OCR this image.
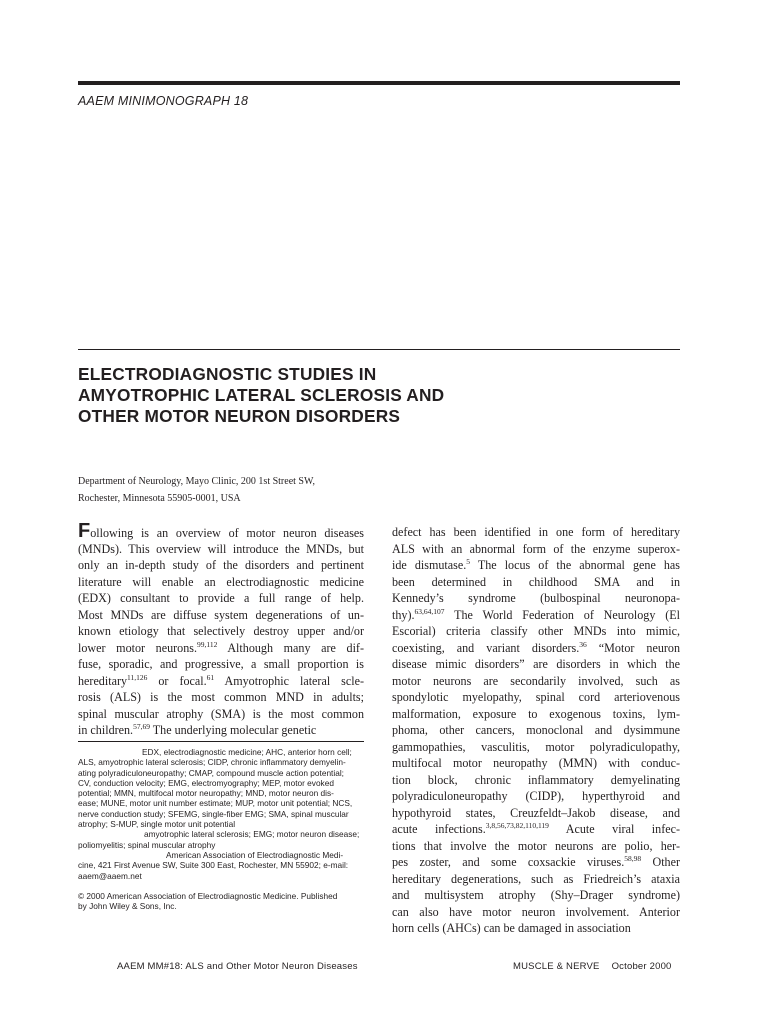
AAEM MINIMONOGRAPH 18
ELECTRODIAGNOSTIC STUDIES IN
AMYOTROPHIC LATERAL SCLEROSIS AND
OTHER MOTOR NEURON DISORDERS
Department of Neurology, Mayo Clinic, 200 1st Street SW,
Rochester, Minnesota 55905-0001, USA
Following is an overview of motor neuron diseases
(MNDs). This overview will introduce the MNDs, but
only an in-depth study of the disorders and pertinent
literature will enable an electrodiagnostic medicine
(EDX) consultant to provide a full range of help.
Most MNDs are diffuse system degenerations of un-
known etiology that selectively destroy upper and/or
lower motor neurons.$^{99,112}$ Although many are dif-
fuse, sporadic, and progressive, a small proportion is
hereditary$^{11,126}$ or focal.$^{61}$ Amyotrophic lateral scle-
rosis (ALS) is the most common MND in adults;
spinal muscular atrophy (SMA) is the most common
in children.$^{57,69}$ The underlying molecular genetic
defect has been identified in one form of hereditary
ALS with an abnormal form of the enzyme superox-
ide dismutase.$^5$ The locus of the abnormal gene has
been determined in childhood SMA and in
Kennedy’s syndrome (bulbospinal neuronopa-
thy).$^{63,64,107}$ The World Federation of Neurology (El
Escorial) criteria classify other MNDs into mimic,
coexisting, and variant disorders.$^{36}$ “Motor neuron
disease mimic disorders” are disorders in which the
motor neurons are secondarily involved, such as
spondylotic myelopathy, spinal cord arteriovenous
malformation, exposure to exogenous toxins, lym-
phoma, other cancers, monoclonal and dysimmune
gammopathies, vasculitis, motor polyradiculopathy,
multifocal motor neuropathy (MMN) with conduc-
tion block, chronic inflammatory demyelinating
polyradiculoneuropathy (CIDP), hyperthyroid and
hypothyroid states, Creuzfeldt–Jakob disease, and
acute infections.$^{3,8,56,73,82,110,119}$ Acute viral infec-
tions that involve the motor neurons are polio, her-
pes zoster, and some coxsackie viruses.$^{58,98}$ Other
hereditary degenerations, such as Friedreich’s ataxia
and multisystem atrophy (Shy–Drager syndrome)
can also have motor neuron involvement. Anterior
horn cells (AHCs) can be damaged in association
EDX, electrodiagnostic medicine; AHC, anterior horn cell;
ALS, amyotrophic lateral sclerosis; CIDP, chronic inflammatory demyelin-
ating polyradiculoneuropathy; CMAP, compound muscle action potential;
CV, conduction velocity; EMG, electromyography; MEP, motor evoked
potential; MMN, multifocal motor neuropathy; MND, motor neuron dis-
ease; MUNE, motor unit number estimate; MUP, motor unit potential; NCS,
nerve conduction study; SFEMG, single-fiber EMG; SMA, spinal muscular
atrophy; S-MUP, single motor unit potential
amyotrophic lateral sclerosis; EMG; motor neuron disease;
poliomyelitis; spinal muscular atrophy
American Association of Electrodiagnostic Medi-
cine, 421 First Avenue SW, Suite 300 East, Rochester, MN 55902; e-mail:
aaem@aaem.net
© 2000 American Association of Electrodiagnostic Medicine. Published
by John Wiley & Sons, Inc.
AAEM MM#18: ALS and Other Motor Neuron Diseases	MUSCLE & NERVE October 2000
